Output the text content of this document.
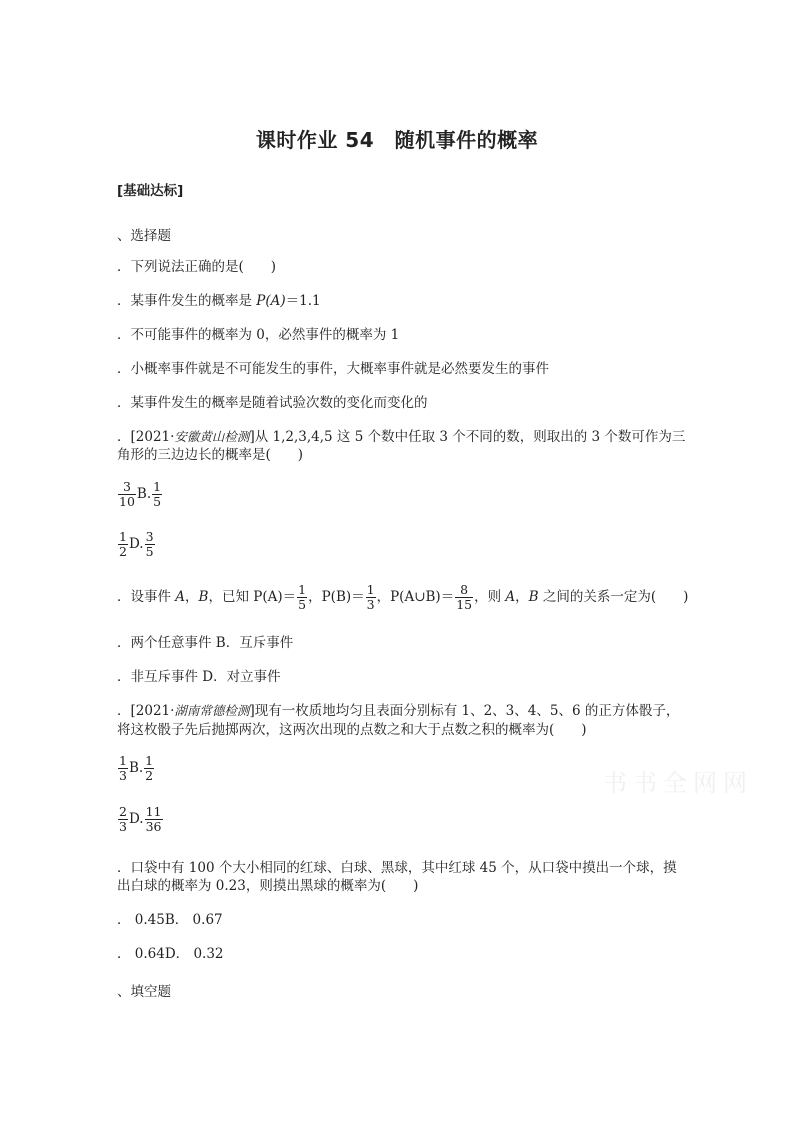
课时作业 54　随机事件的概率
[基础达标]
、选择题
．下列说法正确的是(　　)
．某事件发生的概率是 P(A)＝1.1
．不可能事件的概率为 0，必然事件的概率为 1
．小概率事件就是不可能发生的事件，大概率事件就是必然要发生的事件
．某事件发生的概率是随着试验次数的变化而变化的
．[2021·安徽黄山检测]从 1,2,3,4,5 这 5 个数中任取 3 个不同的数，则取出的 3 个数可作为三
角形的三边边长的概率是(　　)
$\frac{3}{10} B$. $\frac{1}{5}$
$\frac{1}{2} D$. $\frac{3}{5}$
．设事件 A，B，已知 $P(A)= \frac{1}{5}$ ，$P(B)= \frac{1}{3}$ ，P(A∪B)＝ $\frac{8}{15}$ ，则 A，B 之间的关系一定为(　　)
．两个任意事件 B．互斥事件
．非互斥事件 D．对立事件
．[2021·湖南常德检测]现有一枚质地均匀且表面分别标有 1、2、3、4、5、6 的正方体骰子，
将这枚骰子先后抛掷两次，这两次出现的点数之和大于点数之积的概率为(　　)
$\frac{1}{3} B$. $\frac{1}{2}$
$\frac{2}{3} D$. $\frac{11}{36}$
书书全网网
．口袋中有 100 个大小相同的红球、白球、黑球，其中红球 45 个，从口袋中摸出一个球，摸
出白球的概率为 0.23，则摸出黑球的概率为(　　)
． 0.45B． 0.67
． 0.64D． 0.32
、填空题
